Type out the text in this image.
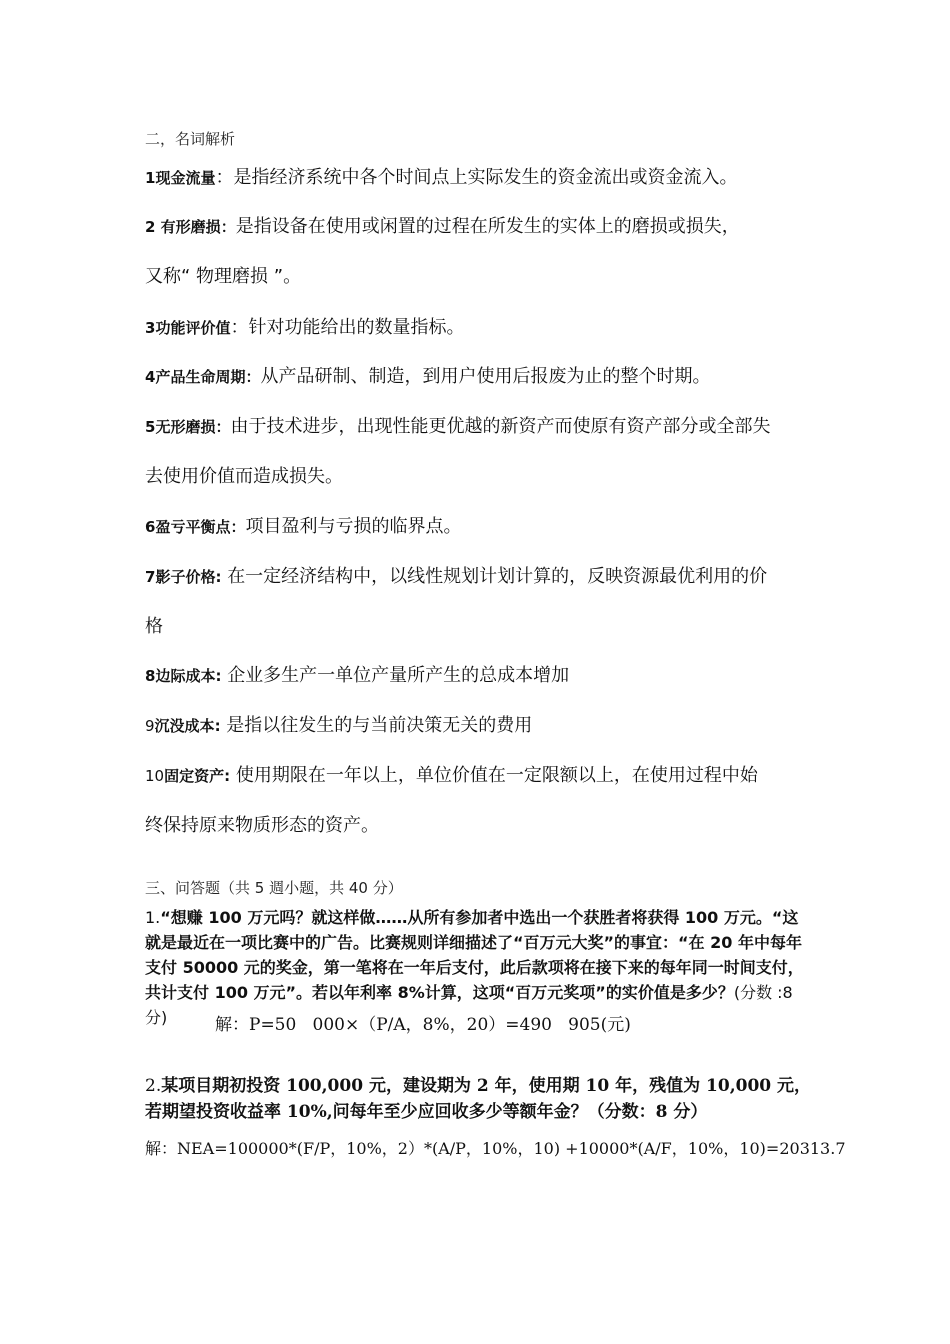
二，名词解析
1现金流量：是指经济系统中各个时间点上实际发生的资金流出或资金流入。
2 有形磨损：是指设备在使用或闲置的过程在所发生的实体上的磨损或损失，
又称“ 物理磨损 ”。
3功能评价值：针对功能给出的数量指标。
4产品生命周期：从产品研制、制造，到用户使用后报废为止的整个时期。
5无形磨损：由于技术进步，出现性能更优越的新资产而使原有资产部分或全部失
去使用价值而造成损失。
6盈亏平衡点：项目盈利与亏损的临界点。
7影子价格: 在一定经济结构中，以线性规划计划计算的，反映资源最优利用的价
格
8边际成本: 企业多生产一单位产量所产生的总成本增加
9沉没成本: 是指以往发生的与当前决策无关的费用
10固定资产: 使用期限在一年以上，单位价值在一定限额以上，在使用过程中始
终保持原来物质形态的资产。
三、问答题（共 5 週小题，共 40 分）
1.“想赚 100 万元吗？就这样做……从所有参加者中选出一个获胜者将获得 100 万元。“这就是最近在一项比赛中的广告。比赛规则详细描述了“百万元大奖”的事宜：“在 20 年中每年支付 50000 元的奖金，第一笔将在一年后支付，此后款项将在接下来的每年同一时间支付，共计支付 100 万元”。若以年利率 8%计算，这项“百万元奖项”的实价值是多少？(分数 :8 分)	解：P=50   000×（P/A，8%，20）=490   905(元)
2.某项目期初投资 100,000 元，建设期为 2 年，使用期 10 年，残值为 10,000 元，若期望投资收益率 10%,问每年至少应回收多少等额年金？（分数：8 分）
解：NEA=100000*(F/P，10%，2）*(A/P，10%，10) +10000*(A/F，10%，10)=20313.7
